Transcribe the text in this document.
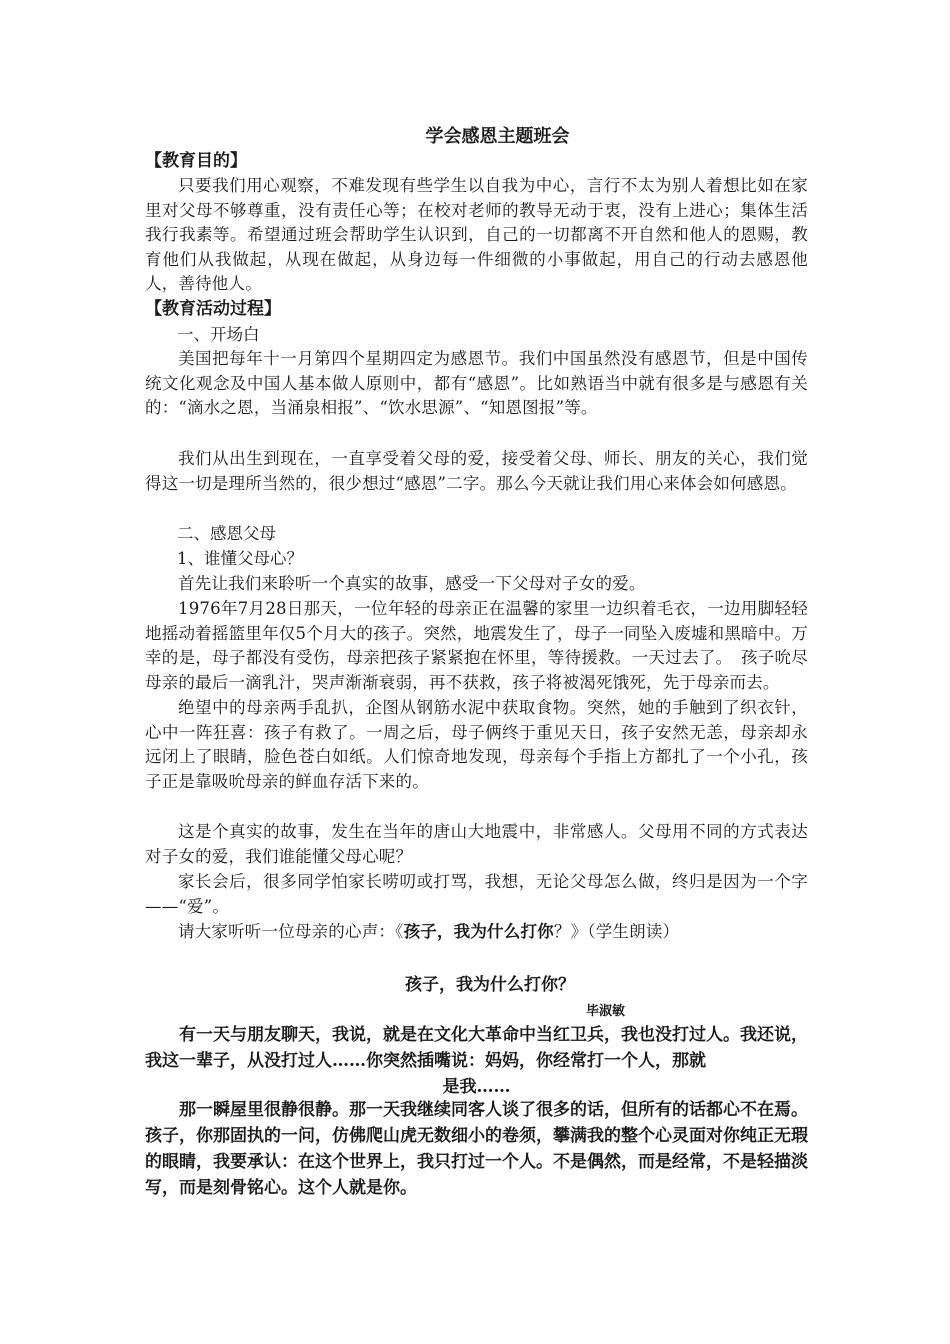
学会感恩主题班会
【教育目的】
只要我们用心观察，不难发现有些学生以自我为中心，言行不太为别人着想比如在家里对父母不够尊重，没有责任心等；在校对老师的教导无动于衷，没有上进心；集体生活我行我素等。希望通过班会帮助学生认识到，自己的一切都离不开自然和他人的恩赐，教育他们从我做起，从现在做起，从身边每一件细微的小事做起，用自己的行动去感恩他人，善待他人。
【教育活动过程】
一、开场白
美国把每年十一月第四个星期四定为感恩节。我们中国虽然没有感恩节，但是中国传统文化观念及中国人基本做人原则中，都有“感恩”。比如熟语当中就有很多是与感恩有关的：“滴水之恩，当涌泉相报”、“饮水思源”、“知恩图报”等。
我们从出生到现在，一直享受着父母的爱，接受着父母、师长、朋友的关心，我们觉得这一切是理所当然的，很少想过“感恩”二字。那么今天就让我们用心来体会如何感恩。
二、感恩父母
1、谁懂父母心？
首先让我们来聆听一个真实的故事，感受一下父母对子女的爱。
1976年7月28日那天，一位年轻的母亲正在温馨的家里一边织着毛衣，一边用脚轻轻地摇动着摇篮里年仅5个月大的孩子。突然，地震发生了，母子一同坠入废墟和黑暗中。万幸的是，母子都没有受伤，母亲把孩子紧紧抱在怀里，等待援救。一天过去了。　孩子吮尽母亲的最后一滴乳汁，哭声渐渐衰弱，再不获救，孩子将被渴死饿死，先于母亲而去。
绝望中的母亲两手乱扒，企图从钢筋水泥中获取食物。突然，她的手触到了织衣针，心中一阵狂喜：孩子有救了。一周之后，母子俩终于重见天日，孩子安然无恙，母亲却永远闭上了眼睛，脸色苍白如纸。人们惊奇地发现，母亲每个手指上方都扎了一个小孔，孩子正是靠吸吮母亲的鲜血存活下来的。
这是个真实的故事，发生在当年的唐山大地震中，非常感人。父母用不同的方式表达对子女的爱，我们谁能懂父母心呢？
家长会后，很多同学怕家长唠叨或打骂，我想，无论父母怎么做，终归是因为一个字——“爱”。
请大家听听一位母亲的心声：《孩子，我为什么打你？》（学生朗读）
孩子，我为什么打你？
毕淑敏
有一天与朋友聊天，我说，就是在文化大革命中当红卫兵，我也没打过人。我还说，我这一辈子，从没打过人……你突然插嘴说：妈妈，你经常打一个人，那就
是我……
那一瞬屋里很静很静。那一天我继续同客人谈了很多的话，但所有的话都心不在焉。孩子，你那固执的一问，仿佛爬山虎无数细小的卷须，攀满我的整个心灵面对你纯正无瑕的眼睛，我要承认：在这个世界上，我只打过一个人。不是偶然，而是经常，不是轻描淡写，而是刻骨铭心。这个人就是你。
